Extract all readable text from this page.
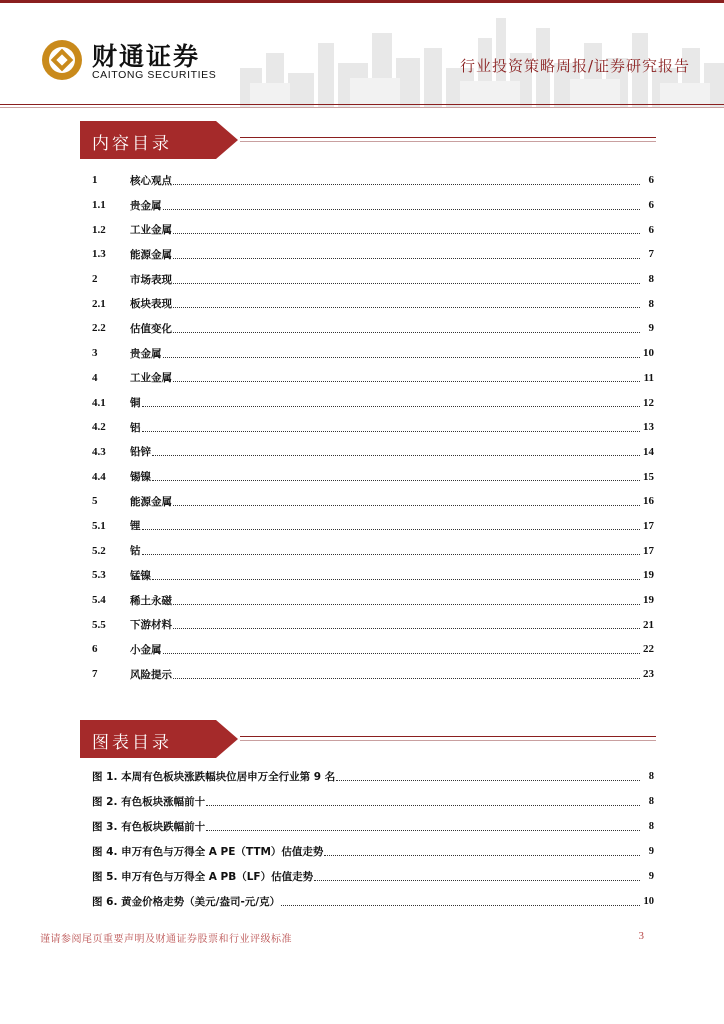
财通证券
CAITONG SECURITIES	行业投资策略周报/证券研究报告
内容目录
1	核心观点	6
1.1	贵金属	6
1.2	工业金属	6
1.3	能源金属	7
2	市场表现	8
2.1	板块表现	8
2.2	估值变化	9
3	贵金属	10
4	工业金属	11
4.1	铜	12
4.2	铝	13
4.3	铅锌	14
4.4	锡镍	15
5	能源金属	16
5.1	锂	17
5.2	钴	17
5.3	锰镍	19
5.4	稀土永磁	19
5.5	下游材料	21
6	小金属	22
7	风险提示	23
图表目录
图 1. 本周有色板块涨跌幅块位居申万全行业第 9 名	8
图 2. 有色板块涨幅前十	8
图 3. 有色板块跌幅前十	8
图 4. 申万有色与万得全 A PE（TTM）估值走势	9
图 5. 申万有色与万得全 A PB（LF）估值走势	9
图 6. 黄金价格走势（美元/盎司-元/克）	10
谨请参阅尾页重要声明及财通证券股票和行业评级标准	3
